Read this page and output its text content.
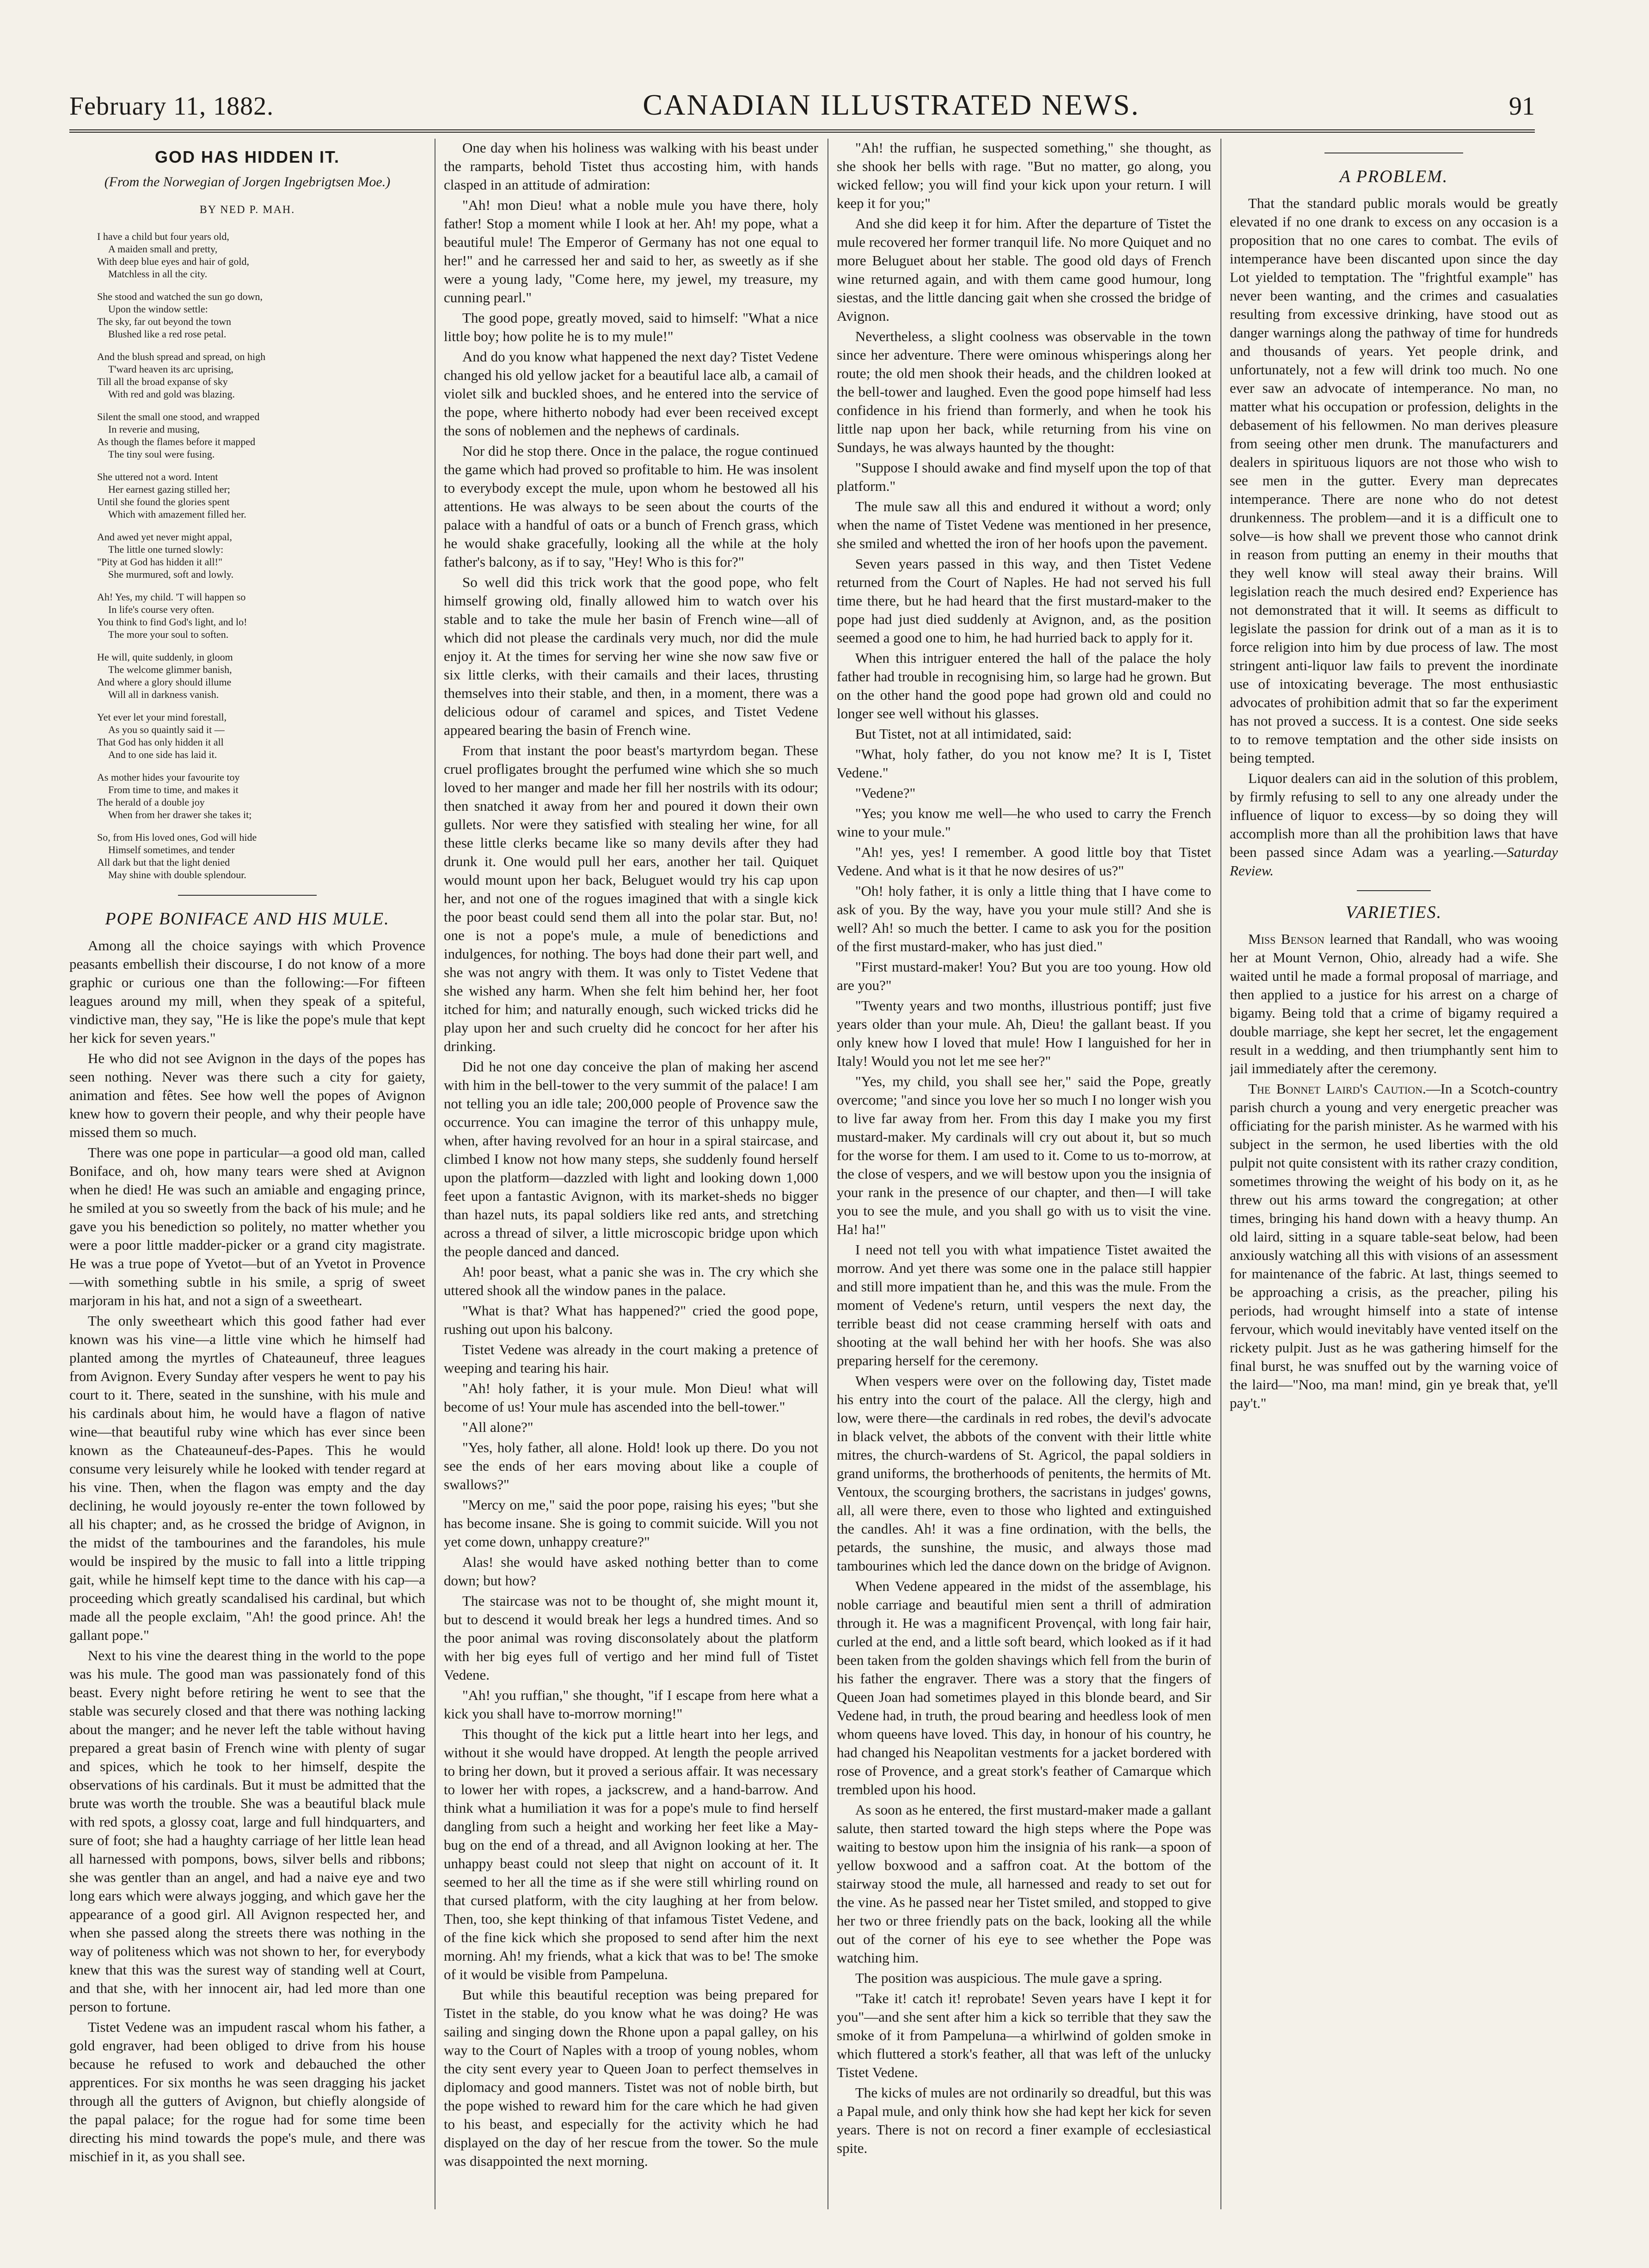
February 11, 1882.	CANADIAN ILLUSTRATED NEWS.	91
GOD HAS HIDDEN IT.
(From the Norwegian of Jorgen Ingebrigtsen Moe.)
BY NED P. MAH.
I have a child but four years old,
A maiden small and pretty,
With deep blue eyes and hair of gold,
Matchless in all the city.
She stood and watched the sun go down,
Upon the window settle:
The sky, far out beyond the town
Blushed like a red rose petal.
And the blush spread and spread, on high
T'ward heaven its arc uprising,
Till all the broad expanse of sky
With red and gold was blazing.
Silent the small one stood, and wrapped
In reverie and musing,
As though the flames before it mapped
The tiny soul were fusing.
She uttered not a word. Intent
Her earnest gazing stilled her;
Until she found the glories spent
Which with amazement filled her.
And awed yet never might appal,
The little one turned slowly:
"Pity at God has hidden it all!"
She murmured, soft and lowly.
Ah! Yes, my child. 'T will happen so
In life's course very often.
You think to find God's light, and lo!
The more your soul to soften.
He will, quite suddenly, in gloom
The welcome glimmer banish,
And where a glory should illume
Will all in darkness vanish.
Yet ever let your mind forestall,
As you so quaintly said it —
That God has only hidden it all
And to one side has laid it.
As mother hides your favourite toy
From time to time, and makes it
The herald of a double joy
When from her drawer she takes it;
So, from His loved ones, God will hide
Himself sometimes, and tender
All dark but that the light denied
May shine with double splendour.
POPE BONIFACE AND HIS MULE.

Among all the choice sayings with which Provence peasants embellish their discourse, I do not know of a more graphic or curious one than the following:—For fifteen leagues around my mill, when they speak of a spiteful, vindictive man, they say, "He is like the pope's mule that kept her kick for seven years."

He who did not see Avignon in the days of the popes has seen nothing. Never was there such a city for gaiety, animation and fêtes. See how well the popes of Avignon knew how to govern their people, and why their people have missed them so much.

There was one pope in particular—a good old man, called Boniface, and oh, how many tears were shed at Avignon when he died! He was such an amiable and engaging prince, he smiled at you so sweetly from the back of his mule; and he gave you his benediction so politely, no matter whether you were a poor little madder-picker or a grand city magistrate. He was a true pope of Yvetot—but of an Yvetot in Provence—with something subtle in his smile, a sprig of sweet marjoram in his hat, and not a sign of a sweetheart.

The only sweetheart which this good father had ever known was his vine—a little vine which he himself had planted among the myrtles of Chateauneuf, three leagues from Avignon. Every Sunday after vespers he went to pay his court to it. There, seated in the sunshine, with his mule and his cardinals about him, he would have a flagon of native wine—that beautiful ruby wine which has ever since been known as the Chateauneuf-des-Papes. This he would consume very leisurely while he looked with tender regard at his vine. Then, when the flagon was empty and the day declining, he would joyously re-enter the town followed by all his chapter; and, as he crossed the bridge of Avignon, in the midst of the tambourines and the farandoles, his mule would be inspired by the music to fall into a little tripping gait, while he himself kept time to the dance with his cap—a proceeding which greatly scandalised his cardinal, but which made all the people exclaim, "Ah! the good prince. Ah! the gallant pope."

Next to his vine the dearest thing in the world to the pope was his mule. The good man was passionately fond of this beast. Every night before retiring he went to see that the stable was securely closed and that there was nothing lacking about the manger; and he never left the table without having prepared a great basin of French wine with plenty of sugar and spices, which he took to her himself, despite the observations of his cardinals. But it must be admitted that the brute was worth the trouble. She was a beautiful black mule with red spots, a glossy coat, large and full hindquarters, and sure of foot; she had a haughty carriage of her little lean head all harnessed with pompons, bows, silver bells and ribbons; she was gentler than an angel, and had a naive eye and two long ears which were always jogging, and which gave her the appearance of a good girl. All Avignon respected her, and when she passed along the streets there was nothing in the way of politeness which was not shown to her, for everybody knew that this was the surest way of standing well at Court, and that she, with her innocent air, had led more than one person to fortune.

Tistet Vedene was an impudent rascal whom his father, a gold engraver, had been obliged to drive from his house because he refused to work and debauched the other apprentices. For six months he was seen dragging his jacket through all the gutters of Avignon, but chiefly alongside of the papal palace; for the rogue had for some time been directing his mind towards the pope's mule, and there was mischief in it, as you shall see.

One day when his holiness was walking with his beast under the ramparts, behold Tistet thus accosting him, with hands clasped in an attitude of admiration:

"Ah! mon Dieu! what a noble mule you have there, holy father! Stop a moment while I look at her. Ah! my pope, what a beautiful mule! The Emperor of Germany has not one equal to her!" and he carressed her and said to her, as sweetly as if she were a young lady, "Come here, my jewel, my treasure, my cunning pearl."

The good pope, greatly moved, said to himself: "What a nice little boy; how polite he is to my mule!"

And do you know what happened the next day? Tistet Vedene changed his old yellow jacket for a beautiful lace alb, a camail of violet silk and buckled shoes, and he entered into the service of the pope, where hitherto nobody had ever been received except the sons of noblemen and the nephews of cardinals.

Nor did he stop there. Once in the palace, the rogue continued the game which had proved so profitable to him. He was insolent to everybody except the mule, upon whom he bestowed all his attentions. He was always to be seen about the courts of the palace with a handful of oats or a bunch of French grass, which he would shake gracefully, looking all the while at the holy father's balcony, as if to say, "Hey! Who is this for?"

So well did this trick work that the good pope, who felt himself growing old, finally allowed him to watch over his stable and to take the mule her basin of French wine—all of which did not please the cardinals very much, nor did the mule enjoy it. At the times for serving her wine she now saw five or six little clerks, with their camails and their laces, thrusting themselves into their stable, and then, in a moment, there was a delicious odour of caramel and spices, and Tistet Vedene appeared bearing the basin of French wine.

From that instant the poor beast's martyrdom began. These cruel profligates brought the perfumed wine which she so much loved to her manger and made her fill her nostrils with its odour; then snatched it away from her and poured it down their own gullets. Nor were they satisfied with stealing her wine, for all these little clerks became like so many devils after they had drunk it. One would pull her ears, another her tail. Quiquet would mount upon her back, Beluguet would try his cap upon her, and not one of the rogues imagined that with a single kick the poor beast could send them all into the polar star. But, no! one is not a pope's mule, a mule of benedictions and indulgences, for nothing. The boys had done their part well, and she was not angry with them. It was only to Tistet Vedene that she wished any harm. When she felt him behind her, her foot itched for him; and naturally enough, such wicked tricks did he play upon her and such cruelty did he concoct for her after his drinking.

Did he not one day conceive the plan of making her ascend with him in the bell-tower to the very summit of the palace! I am not telling you an idle tale; 200,000 people of Provence saw the occurrence. You can imagine the terror of this unhappy mule, when, after having revolved for an hour in a spiral staircase, and climbed I know not how many steps, she suddenly found herself upon the platform—dazzled with light and looking down 1,000 feet upon a fantastic Avignon, with its market-sheds no bigger than hazel nuts, its papal soldiers like red ants, and stretching across a thread of silver, a little microscopic bridge upon which the people danced and danced.

Ah! poor beast, what a panic she was in. The cry which she uttered shook all the window panes in the palace.

"What is that? What has happened?" cried the good pope, rushing out upon his balcony.

Tistet Vedene was already in the court making a pretence of weeping and tearing his hair.

"Ah! holy father, it is your mule. Mon Dieu! what will become of us! Your mule has ascended into the bell-tower."

"All alone?"

"Yes, holy father, all alone. Hold! look up there. Do you not see the ends of her ears moving about like a couple of swallows?"

"Mercy on me," said the poor pope, raising his eyes; "but she has become insane. She is going to commit suicide. Will you not yet come down, unhappy creature?"

Alas! she would have asked nothing better than to come down; but how?

The staircase was not to be thought of, she might mount it, but to descend it would break her legs a hundred times. And so the poor animal was roving disconsolately about the platform with her big eyes full of vertigo and her mind full of Tistet Vedene.

"Ah! you ruffian," she thought, "if I escape from here what a kick you shall have to-morrow morning!"

This thought of the kick put a little heart into her legs, and without it she would have dropped. At length the people arrived to bring her down, but it proved a serious affair. It was necessary to lower her with ropes, a jackscrew, and a hand-barrow. And think what a humiliation it was for a pope's mule to find herself dangling from such a height and working her feet like a May-bug on the end of a thread, and all Avignon looking at her. The unhappy beast could not sleep that night on account of it. It seemed to her all the time as if she were still whirling round on that cursed platform, with the city laughing at her from below. Then, too, she kept thinking of that infamous Tistet Vedene, and of the fine kick which she proposed to send after him the next morning. Ah! my friends, what a kick that was to be! The smoke of it would be visible from Pampeluna.

But while this beautiful reception was being prepared for Tistet in the stable, do you know what he was doing? He was sailing and singing down the Rhone upon a papal galley, on his way to the Court of Naples with a troop of young nobles, whom the city sent every year to Queen Joan to perfect themselves in diplomacy and good manners. Tistet was not of noble birth, but the pope wished to reward him for the care which he had given to his beast, and especially for the activity which he had displayed on the day of her rescue from the tower. So the mule was disappointed the next morning.

"Ah! the ruffian, he suspected something," she thought, as she shook her bells with rage. "But no matter, go along, you wicked fellow; you will find your kick upon your return. I will keep it for you;"

And she did keep it for him. After the departure of Tistet the mule recovered her former tranquil life. No more Quiquet and no more Beluguet about her stable. The good old days of French wine returned again, and with them came good humour, long siestas, and the little dancing gait when she crossed the bridge of Avignon.

Nevertheless, a slight coolness was observable in the town since her adventure. There were ominous whisperings along her route; the old men shook their heads, and the children looked at the bell-tower and laughed. Even the good pope himself had less confidence in his friend than formerly, and when he took his little nap upon her back, while returning from his vine on Sundays, he was always haunted by the thought:

"Suppose I should awake and find myself upon the top of that platform."

The mule saw all this and endured it without a word; only when the name of Tistet Vedene was mentioned in her presence, she smiled and whetted the iron of her hoofs upon the pavement.

Seven years passed in this way, and then Tistet Vedene returned from the Court of Naples. He had not served his full time there, but he had heard that the first mustard-maker to the pope had just died suddenly at Avignon, and, as the position seemed a good one to him, he had hurried back to apply for it.

When this intriguer entered the hall of the palace the holy father had trouble in recognising him, so large had he grown. But on the other hand the good pope had grown old and could no longer see well without his glasses.

But Tistet, not at all intimidated, said:

"What, holy father, do you not know me? It is I, Tistet Vedene."

"Vedene?"

"Yes; you know me well—he who used to carry the French wine to your mule."

"Ah! yes, yes! I remember. A good little boy that Tistet Vedene. And what is it that he now desires of us?"

"Oh! holy father, it is only a little thing that I have come to ask of you. By the way, have you your mule still? And she is well? Ah! so much the better. I came to ask you for the position of the first mustard-maker, who has just died."

"First mustard-maker! You? But you are too young. How old are you?"

"Twenty years and two months, illustrious pontiff; just five years older than your mule. Ah, Dieu! the gallant beast. If you only knew how I loved that mule! How I languished for her in Italy! Would you not let me see her?"

"Yes, my child, you shall see her," said the Pope, greatly overcome; "and since you love her so much I no longer wish you to live far away from her. From this day I make you my first mustard-maker. My cardinals will cry out about it, but so much for the worse for them. I am used to it. Come to us to-morrow, at the close of vespers, and we will bestow upon you the insignia of your rank in the presence of our chapter, and then—I will take you to see the mule, and you shall go with us to visit the vine. Ha! ha!"

I need not tell you with what impatience Tistet awaited the morrow. And yet there was some one in the palace still happier and still more impatient than he, and this was the mule. From the moment of Vedene's return, until vespers the next day, the terrible beast did not cease cramming herself with oats and shooting at the wall behind her with her hoofs. She was also preparing herself for the ceremony.

When vespers were over on the following day, Tistet made his entry into the court of the palace. All the clergy, high and low, were there—the cardinals in red robes, the devil's advocate in black velvet, the abbots of the convent with their little white mitres, the church-wardens of St. Agricol, the papal soldiers in grand uniforms, the brotherhoods of penitents, the hermits of Mt. Ventoux, the scourging brothers, the sacristans in judges' gowns, all, all were there, even to those who lighted and extinguished the candles. Ah! it was a fine ordination, with the bells, the petards, the sunshine, the music, and always those mad tambourines which led the dance down on the bridge of Avignon.

When Vedene appeared in the midst of the assemblage, his noble carriage and beautiful mien sent a thrill of admiration through it. He was a magnificent Provençal, with long fair hair, curled at the end, and a little soft beard, which looked as if it had been taken from the golden shavings which fell from the burin of his father the engraver. There was a story that the fingers of Queen Joan had sometimes played in this blonde beard, and Sir Vedene had, in truth, the proud bearing and heedless look of men whom queens have loved. This day, in honour of his country, he had changed his Neapolitan vestments for a jacket bordered with rose of Provence, and a great stork's feather of Camarque which trembled upon his hood.

As soon as he entered, the first mustard-maker made a gallant salute, then started toward the high steps where the Pope was waiting to bestow upon him the insignia of his rank—a spoon of yellow boxwood and a saffron coat. At the bottom of the stairway stood the mule, all harnessed and ready to set out for the vine. As he passed near her Tistet smiled, and stopped to give her two or three friendly pats on the back, looking all the while out of the corner of his eye to see whether the Pope was watching him.

The position was auspicious. The mule gave a spring.

"Take it! catch it! reprobate! Seven years have I kept it for you"—and she sent after him a kick so terrible that they saw the smoke of it from Pampeluna—a whirlwind of golden smoke in which fluttered a stork's feather, all that was left of the unlucky Tistet Vedene.

The kicks of mules are not ordinarily so dreadful, but this was a Papal mule, and only think how she had kept her kick for seven years. There is not on record a finer example of ecclesiastical spite.

A PROBLEM.

That the standard public morals would be greatly elevated if no one drank to excess on any occasion is a proposition that no one cares to combat. The evils of intemperance have been discanted upon since the day Lot yielded to temptation. The "frightful example" has never been wanting, and the crimes and casualaties resulting from excessive drinking, have stood out as danger warnings along the pathway of time for hundreds and thousands of years. Yet people drink, and unfortunately, not a few will drink too much. No one ever saw an advocate of intemperance. No man, no matter what his occupation or profession, delights in the debasement of his fellowmen. No man derives pleasure from seeing other men drunk. The manufacturers and dealers in spirituous liquors are not those who wish to see men in the gutter. Every man deprecates intemperance. There are none who do not detest drunkenness. The problem—and it is a difficult one to solve—is how shall we prevent those who cannot drink in reason from putting an enemy in their mouths that they well know will steal away their brains. Will legislation reach the much desired end? Experience has not demonstrated that it will. It seems as difficult to legislate the passion for drink out of a man as it is to force religion into him by due process of law. The most stringent anti-liquor law fails to prevent the inordinate use of intoxicating beverage. The most enthusiastic advocates of prohibition admit that so far the experiment has not proved a success. It is a contest. One side seeks to to remove temptation and the other side insists on being tempted.

Liquor dealers can aid in the solution of this problem, by firmly refusing to sell to any one already under the influence of liquor to excess—by so doing they will accomplish more than all the prohibition laws that have been passed since Adam was a yearling.—Saturday Review.

VARIETIES.

Miss Benson learned that Randall, who was wooing her at Mount Vernon, Ohio, already had a wife. She waited until he made a formal proposal of marriage, and then applied to a justice for his arrest on a charge of bigamy. Being told that a crime of bigamy required a double marriage, she kept her secret, let the engagement result in a wedding, and then triumphantly sent him to jail immediately after the ceremony.

The Bonnet Laird's Caution.—In a Scotch-country parish church a young and very energetic preacher was officiating for the parish minister. As he warmed with his subject in the sermon, he used liberties with the old pulpit not quite consistent with its rather crazy condition, sometimes throwing the weight of his body on it, as he threw out his arms toward the congregation; at other times, bringing his hand down with a heavy thump. An old laird, sitting in a square table-seat below, had been anxiously watching all this with visions of an assessment for maintenance of the fabric. At last, things seemed to be approaching a crisis, as the preacher, piling his periods, had wrought himself into a state of intense fervour, which would inevitably have vented itself on the rickety pulpit. Just as he was gathering himself for the final burst, he was snuffed out by the warning voice of the laird—"Noo, ma man! mind, gin ye break that, ye'll pay't."
